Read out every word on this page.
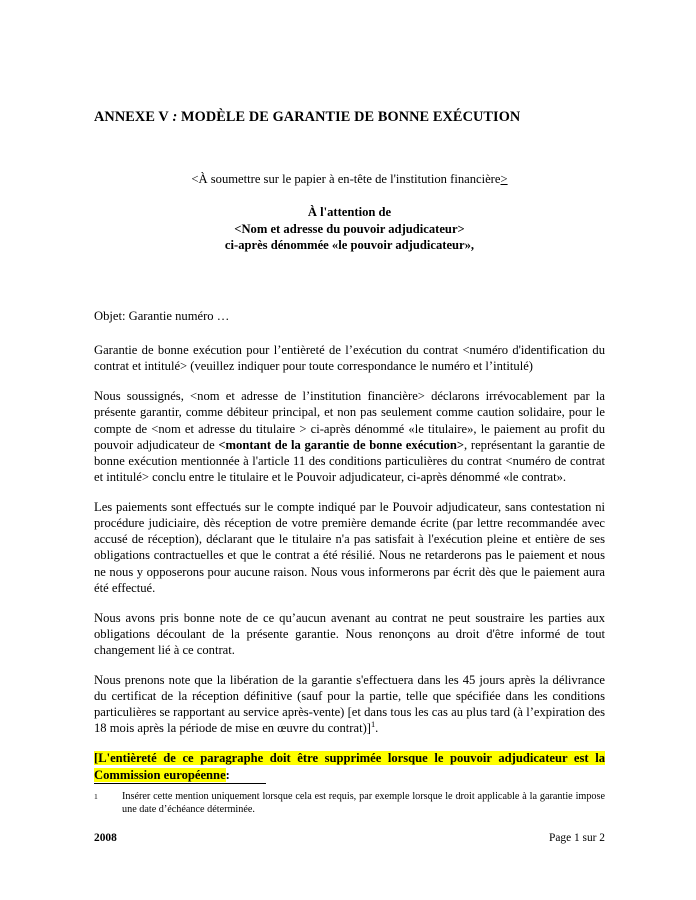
ANNEXE V : MODÈLE DE GARANTIE DE BONNE EXÉCUTION
<À soumettre sur le papier à en-tête de l'institution financière>
À l'attention de
<Nom et adresse du pouvoir adjudicateur>
ci-après dénommée «le pouvoir adjudicateur»,

Objet: Garantie numéro …

Garantie de bonne exécution pour l’entièreté de l’exécution du contrat <numéro d'identification du contrat et intitulé> (veuillez indiquer pour toute correspondance le numéro et l’intitulé)

Nous soussignés, <nom et adresse de l’institution financière> déclarons irrévocablement par la présente garantir, comme débiteur principal, et non pas seulement comme caution solidaire, pour le compte de <nom et adresse du titulaire > ci-après dénommé «le titulaire», le paiement au profit du pouvoir adjudicateur de <montant de la garantie de bonne exécution>, représentant la garantie de bonne exécution mentionnée à l'article 11 des conditions particulières du contrat <numéro de contrat et intitulé> conclu entre le titulaire et le Pouvoir adjudicateur, ci-après dénommé «le contrat».

Les paiements sont effectués sur le compte indiqué par le Pouvoir adjudicateur, sans contestation ni procédure judiciaire, dès réception de votre première demande écrite (par lettre recommandée avec accusé de réception), déclarant que le titulaire n'a pas satisfait à l'exécution pleine et entière de ses obligations contractuelles et que le contrat a été résilié. Nous ne retarderons pas le paiement et nous ne nous y opposerons pour aucune raison. Nous vous informerons par écrit dès que le paiement aura été effectué.

Nous avons pris bonne note de ce qu’aucun avenant au contrat ne peut soustraire les parties aux obligations découlant de la présente garantie. Nous renonçons au droit d'être informé de tout changement lié à ce contrat.

Nous prenons note que la libération de la garantie s'effectuera dans les 45 jours après la délivrance du certificat de la réception définitive (sauf pour la partie, telle que spécifiée dans les conditions particulières se rapportant au service après-vente) [et dans tous les cas au plus tard (à l’expiration des 18 mois après la période de mise en œuvre du contrat)]$^1$.

[L'entièreté de ce paragraphe doit être supprimée lorsque le pouvoir adjudicateur est la Commission européenne:

1	Insérer cette mention uniquement lorsque cela est requis, par exemple lorsque le droit applicable à la garantie impose une date d’échéance déterminée.
2008	Page 1 sur 2
